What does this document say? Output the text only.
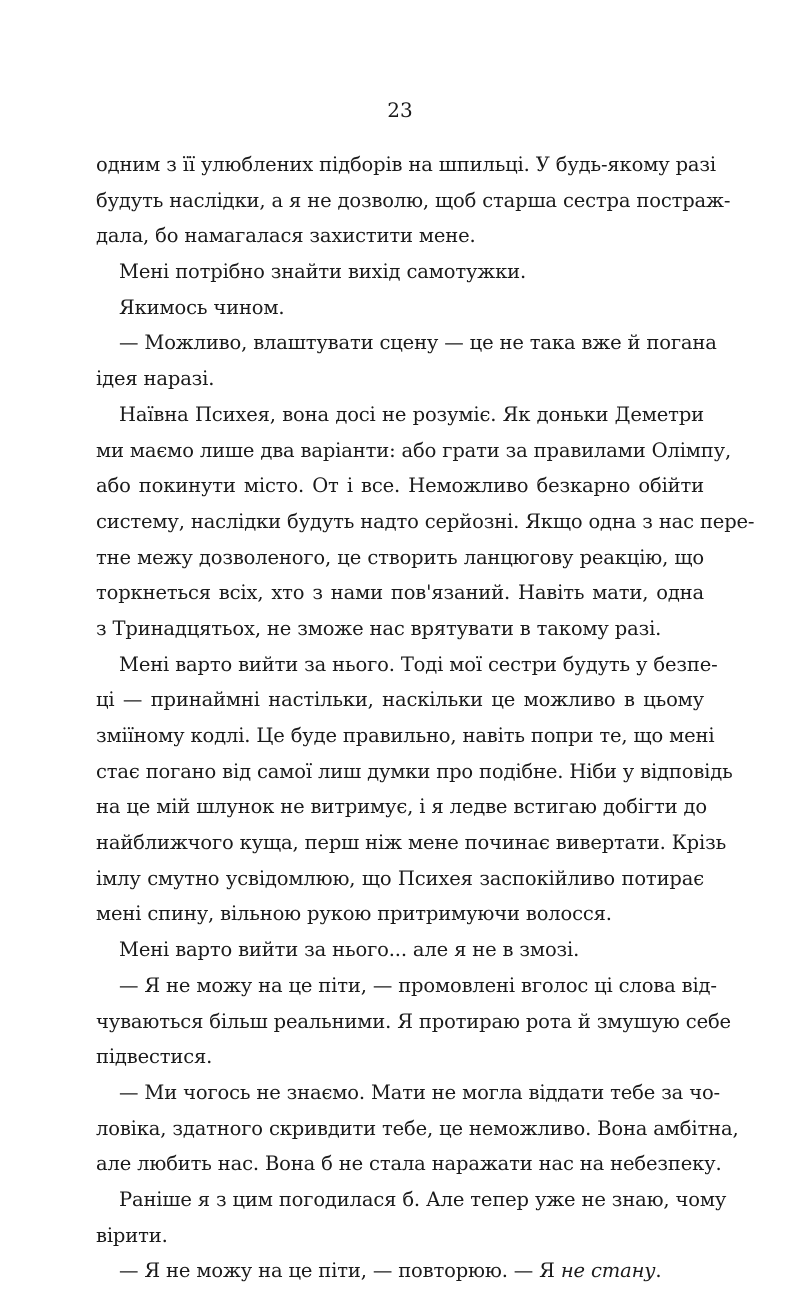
23
одним з її улюблених підборів на шпильці. У будь-якому разі
будуть наслідки, а я не дозволю, щоб старша сестра постраж-
дала, бо намагалася захистити мене.
Мені потрібно знайти вихід самотужки.
Якимось чином.
— Можливо, влаштувати сцену — це не така вже й погана
ідея наразі.
Наївна Психея, вона досі не розуміє. Як доньки Деметри
ми маємо лише два варіанти: або грати за правилами Олімпу,
або покинути місто. От і все. Неможливо безкарно обійти
систему, наслідки будуть надто серйозні. Якщо одна з нас пере-
тне межу дозволеного, це створить ланцюгову реакцію, що
торкнеться всіх, хто з нами пов'язаний. Навіть мати, одна
з Тринадцятьох, не зможе нас врятувати в такому разі.
Мені варто вийти за нього. Тоді мої сестри будуть у безпе-
ці — принаймні настільки, наскільки це можливо в цьому
зміїному кодлі. Це буде правильно, навіть попри те, що мені
стає погано від самої лиш думки про подібне. Ніби у відповідь
на це мій шлунок не витримує, і я ледве встигаю добігти до
найближчого куща, перш ніж мене починає вивертати. Крізь
імлу смутно усвідомлюю, що Психея заспокійливо потирає
мені спину, вільною рукою притримуючи волосся.
Мені варто вийти за нього... але я не в змозі.
— Я не можу на це піти, — промовлені вголос ці слова від-
чуваються більш реальними. Я протираю рота й змушую себе
підвестися.
— Ми чогось не знаємо. Мати не могла віддати тебе за чо-
ловіка, здатного скривдити тебе, це неможливо. Вона амбітна,
але любить нас. Вона б не стала наражати нас на небезпеку.
Раніше я з цим погодилася б. Але тепер уже не знаю, чому
вірити.
— Я не можу на це піти, — повторюю. — Я не стану.
